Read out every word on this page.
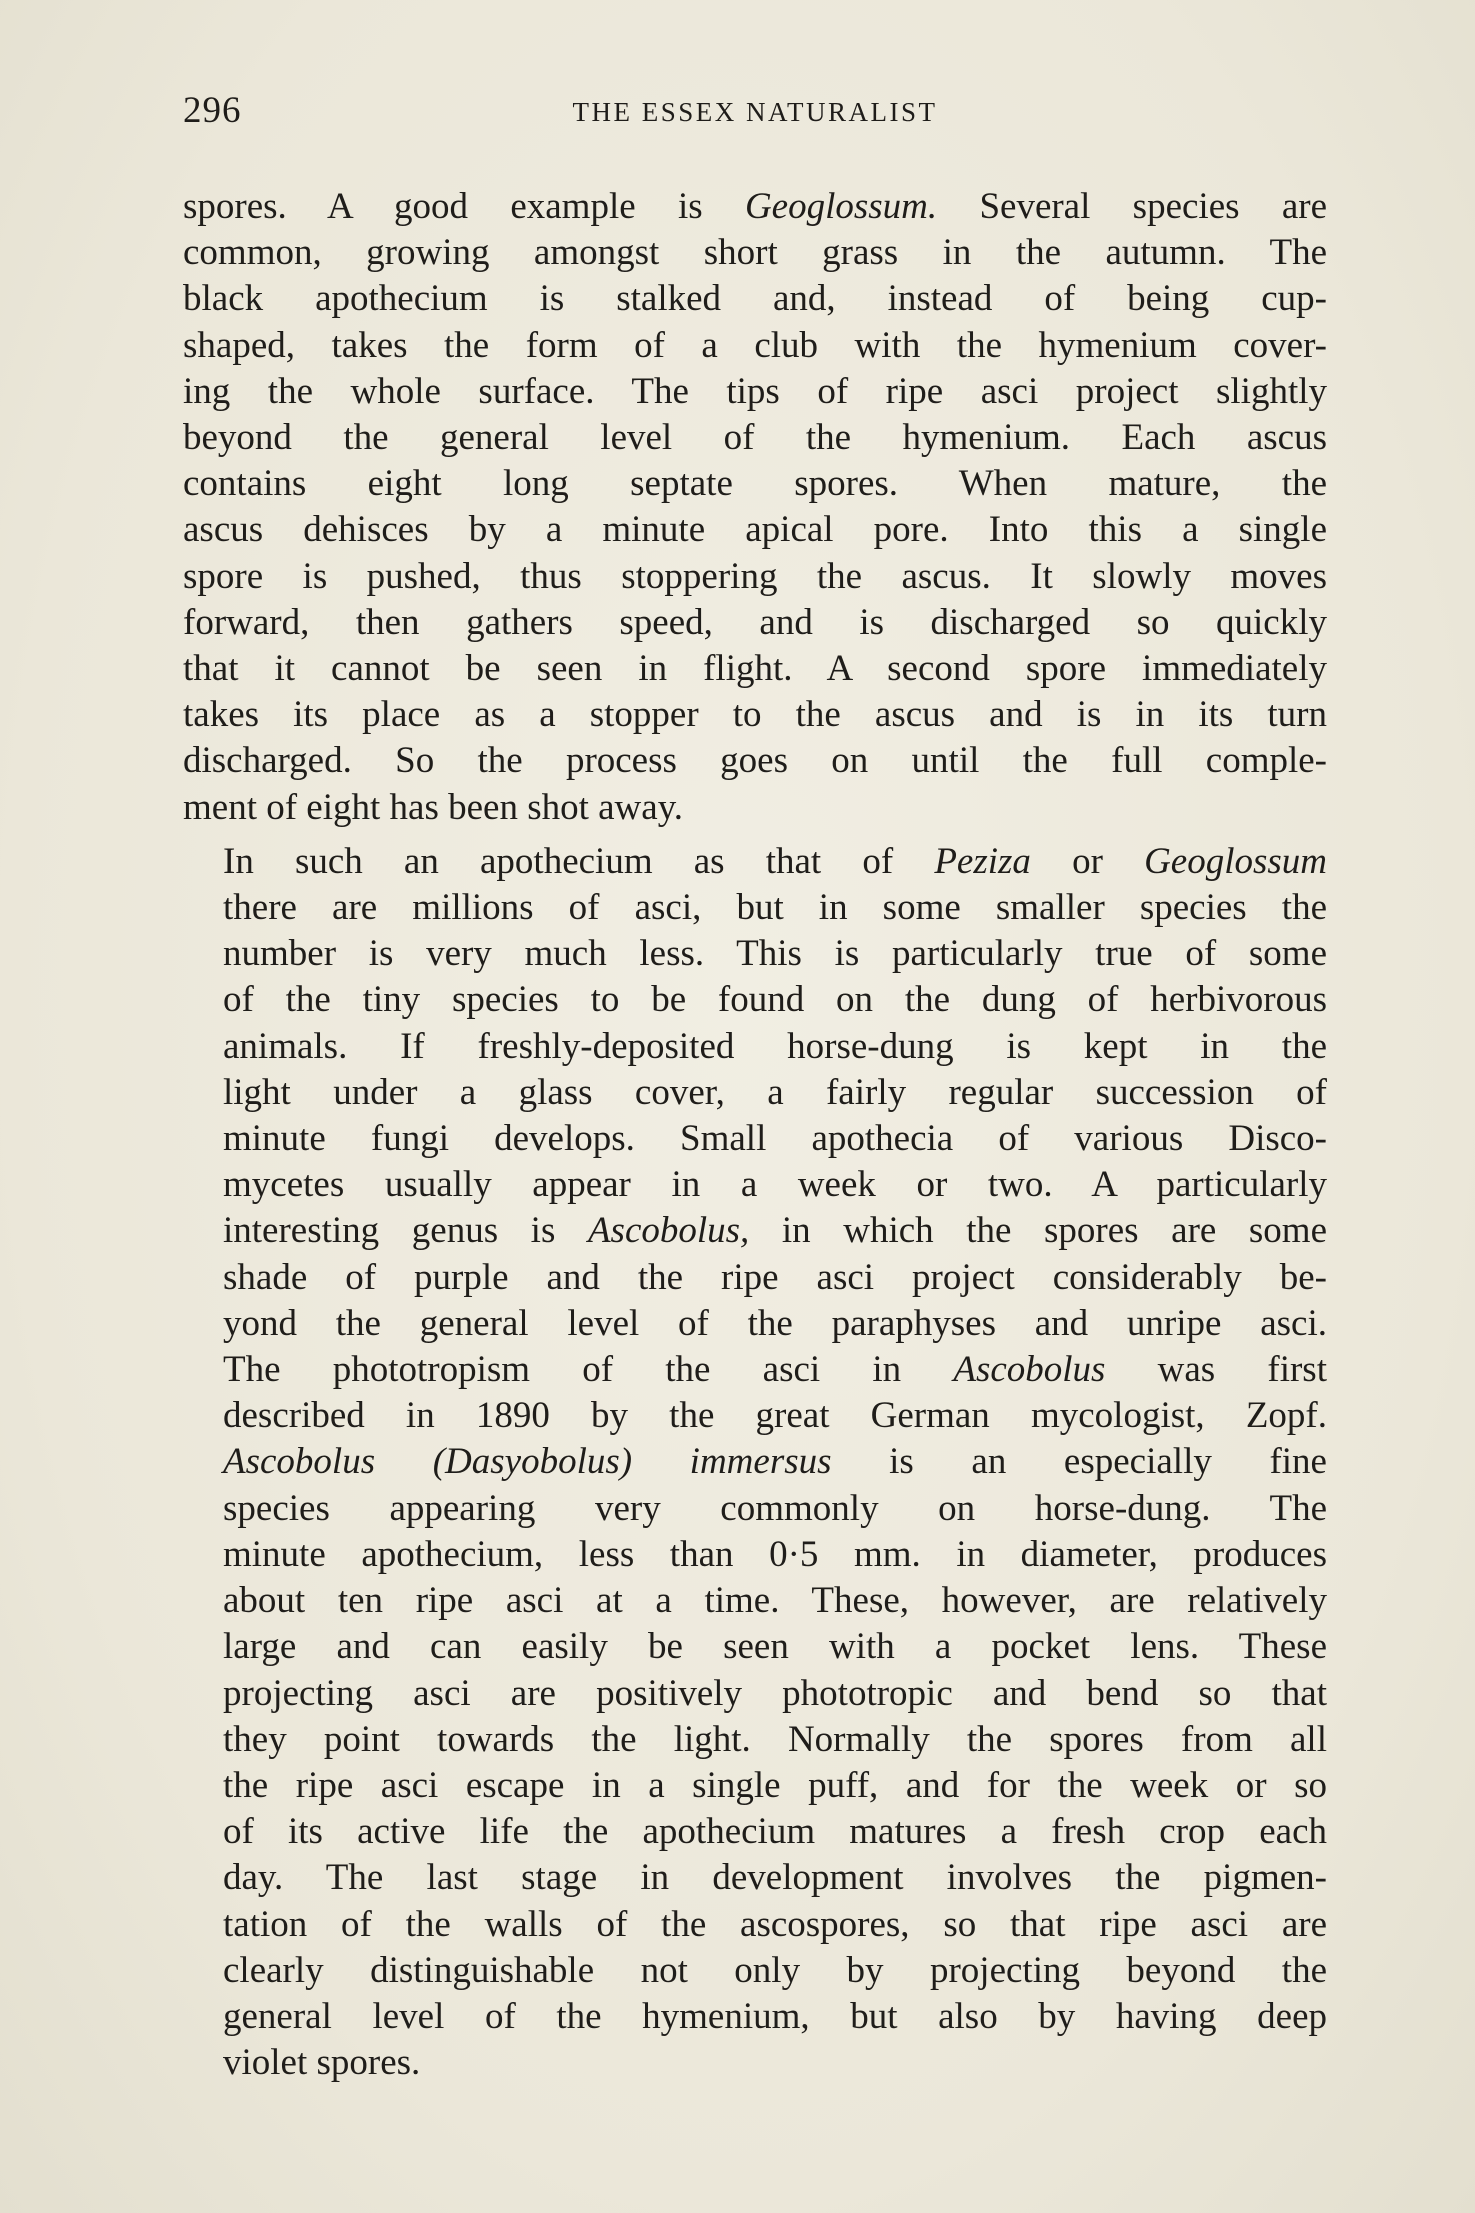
296	THE ESSEX NATURALIST

spores. A good example is Geoglossum. Several species are
common, growing amongst short grass in the autumn. The
black apothecium is stalked and, instead of being cup-
shaped, takes the form of a club with the hymenium cover-
ing the whole surface. The tips of ripe asci project slightly
beyond the general level of the hymenium. Each ascus
contains eight long septate spores. When mature, the
ascus dehisces by a minute apical pore. Into this a single
spore is pushed, thus stoppering the ascus. It slowly moves
forward, then gathers speed, and is discharged so quickly
that it cannot be seen in flight. A second spore immediately
takes its place as a stopper to the ascus and is in its turn
discharged. So the process goes on until the full comple-
ment of eight has been shot away.

In such an apothecium as that of Peziza or Geoglossum
there are millions of asci, but in some smaller species the
number is very much less. This is particularly true of some
of the tiny species to be found on the dung of herbivorous
animals. If freshly-deposited horse-dung is kept in the
light under a glass cover, a fairly regular succession of
minute fungi develops. Small apothecia of various Disco-
mycetes usually appear in a week or two. A particularly
interesting genus is Ascobolus, in which the spores are some
shade of purple and the ripe asci project considerably be-
yond the general level of the paraphyses and unripe asci.
The phototropism of the asci in Ascobolus was first
described in 1890 by the great German mycologist, Zopf.
Ascobolus (Dasyobolus) immersus is an especially fine
species appearing very commonly on horse-dung. The
minute apothecium, less than 0·5 mm. in diameter, produces
about ten ripe asci at a time. These, however, are relatively
large and can easily be seen with a pocket lens. These
projecting asci are positively phototropic and bend so that
they point towards the light. Normally the spores from all
the ripe asci escape in a single puff, and for the week or so
of its active life the apothecium matures a fresh crop each
day. The last stage in development involves the pigmen-
tation of the walls of the ascospores, so that ripe asci are
clearly distinguishable not only by projecting beyond the
general level of the hymenium, but also by having deep
violet spores.
